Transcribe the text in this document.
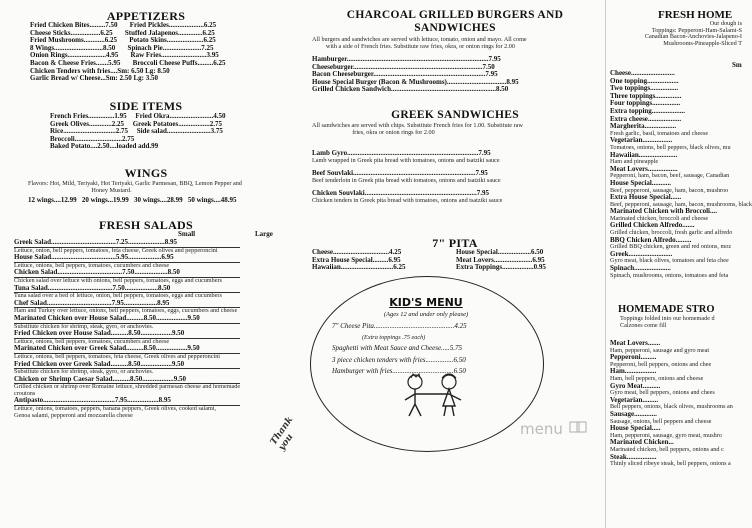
APPETIZERS
Fried Chicken Bites.........7.50       Fried Pickles....................6.25
Cheese Sticks.................6.25       Stuffed Jalapenos..............6.25
Fried Mushrooms............6.25       Potato Skins.....................6.25
8 Wings............................8.50       Spinach Pie......................7.25
Onion Rings......................4.95       Raw Fries..........................3.95
Bacon & Cheese Fries.......5.95       Broccoli Cheese Puffs.........6.25
Chicken Tenders with fries....Sm: 6.50 Lg: 8.50
Garlic Bread w/ Cheese...Sm: 2.50 Lg: 3.50
SIDE ITEMS
French Fries...............1.95     Fried Okra.........................4.50
Greek Olives.............2.25     Greek Potatoes..................2.75
Rice..............................2.75     Side salad.........................3.75
Broccoli...........................2.75
Baked Potato....2.50....loaded add.99
WINGS
Flavors: Hot, Mild, Teriyaki, Hot Teriyaki, Garlic Parmesan, BBQ, Lemon Pepper and
Honey Mustard.
12 wings....12.99   20 wings...19.99   30 wings....28.99   50 wings....48.95
FRESH SALADS
Small	Large
Greek Salad.....................................7.25.....................8.95
Lettuce, onion, bell peppers, tomatoes, feta cheese, Greek olives and pepperoncini
House Salad.....................................5.95...................6.95
Lettuce, onions, bell peppers, tomatoes, cucumbers and cheese
Chicken Salad.....................................7.50...................8.50
Chicken salad over lettuce with onions, bell peppers, tomatoes, eggs and cucumbers
Tuna Salad.....................................7.50...................8.50
Tuna salad over a bed of lettuce, onion, bell peppers, tomatoes, eggs and cucumbers
Chef Salad.....................................7.95...................8.95
Ham and Turkey over lettuce, onions, bell peppers, tomatoes, eggs, cucumbers and cheese
Marinated Chicken over House Salad..........8.50..................9.50
Substitute chicken for shrimp, steak, gyro, or anchovies.
Fried Chicken over House Salad..........8.50..................9.50
Lettuce, onions, bell peppers, tomatoes, cucumbers and cheese
Marinated Chicken over Greek Salad..........8.50..................9.50
Lettuce, onions, bell peppers, tomatoes, feta cheese, Greek olives and pepperoncini
Fried Chicken over Greek Salad..........8.50..................9.50
Substitute chicken for shrimp, steak, gyro, or anchovies.
Chicken or Shrimp Caesar Salad..........8.50..................9.50
Grilled chicken or shrimp over Romaine lettuce, shredded parmesan cheese and homemade
croutons
Antipasto.........................................7.95..................8.95
Lettuce, onions, tomatoes, peppers, banana peppers, Greek olives, cooked salami,
Genoa salami, pepperoni and mozzarella cheese	Thank you
CHARCOAL GRILLED BURGERS AND
SANDWICHES
All burgers and sandwiches are served with lettuce, tomato, onion and mayo. All come
with a side of French fries. Substitute raw fries, okra, or onion rings for 2.00
Hamburger.................................................................................7.95
Cheeseburger..........................................................................7.50
Bacon Cheeseburger................................................................7.95
House Special Burger (Bacon & Mushrooms)..................................8.95
Grilled Chicken Sandwich............................................................8.50
GREEK SANDWICHES
All sandwiches are served with chips. Substitute French fries for 1.00. Substitute raw
fries, okra or onion rings for 2.00
Lamb Gyro...........................................................................7.95
Lamb wrapped in Greek pita bread with tomatoes, onions and tsatziki sauce
Beef Souvlaki......................................................................7.95
Beef tenderloin in Greek pita bread with tomatoes, onions and tsatziki sauce
Chicken Souvlaki................................................................7.95
Chicken tenders in Greek pita bread with tomatoes, onions and tsatziki sauce
7" PITA
Cheese................................4.25
Extra House Special.........6.95
Hawaiian..............................6.25
House Special...................6.50
Meat Lovers......................6.95
Extra Toppings..................0.95
KID'S MENU
(Ages 12 and under only please)
7" Cheese Pita..............................................4.25
(Extra toppings .75 each)
Spaghetti with Meat Sauce and Cheese.....5.75
3 piece chicken tenders with fries................6.50
Hamburger with fries...................................6.50
FRESH HOME
Our dough is
Toppings: Pepperoni-Ham-Salami-S
Canadian Bacon-Anchovies-Jalapeno-I
Mushrooms-Pineapple-Sliced T
Sm
Cheese.........................
One topping..................
Two toppings................
Three toppings...............
Four toppings................
Extra topping...................
Extra cheese...................
Margherita..................
Fresh garlic, basil, tomatoes and cheese
Vegetarian.................
Tomatoes, onions, bell peppers, black olives, mu
Hawaiian......................
Ham and pineapple
Meat Lovers.................
Pepperoni, ham, bacon, beef, sausage, Canadian
House Special...........
Beef, pepperoni, sausage, ham, bacon, mushroo
Extra House Special......
Beef, pepperoni, sausage, ham, bacon, mushrooms, black
Marinated Chicken with Broccoli....
Marinated chicken, broccoli and cheese
Grilled Chicken Alfredo.......
Grilled chicken, broccoli, fresh garlic and alfredo
BBQ Chicken Alfredo.........
Grilled BBQ chicken, green and red onions, moz
Greek.........................
Gyro meat, black olives, tomatoes and feta chee
Spinach.....................
Spinach, mushrooms, onions, tomatoes and feta
HOMEMADE STRO
Toppings folded into our homemade d
Calzones come fill
Meat Lovers.......
Ham, pepperoni, sausage and gyro meat
Pepperoni.........
Pepperoni, bell peppers, onions and chee
Ham..................
Ham, bell peppers, onions and cheese
Gyro Meat..........
Gyro meat, bell peppers, onions and chees
Vegetarian.........
Bell peppers, onions, black olives, mushrooms an
Sausage.............
Sausage, onions, bell peppers and cheese
House Special.....
Ham, pepperoni, sausage, gyro meat, mushro
Marinated Chicken...
Marinated chicken, bell peppers, onions and c
Steak.................
Thinly sliced ribeye steak, bell peppers, onions a
menu
